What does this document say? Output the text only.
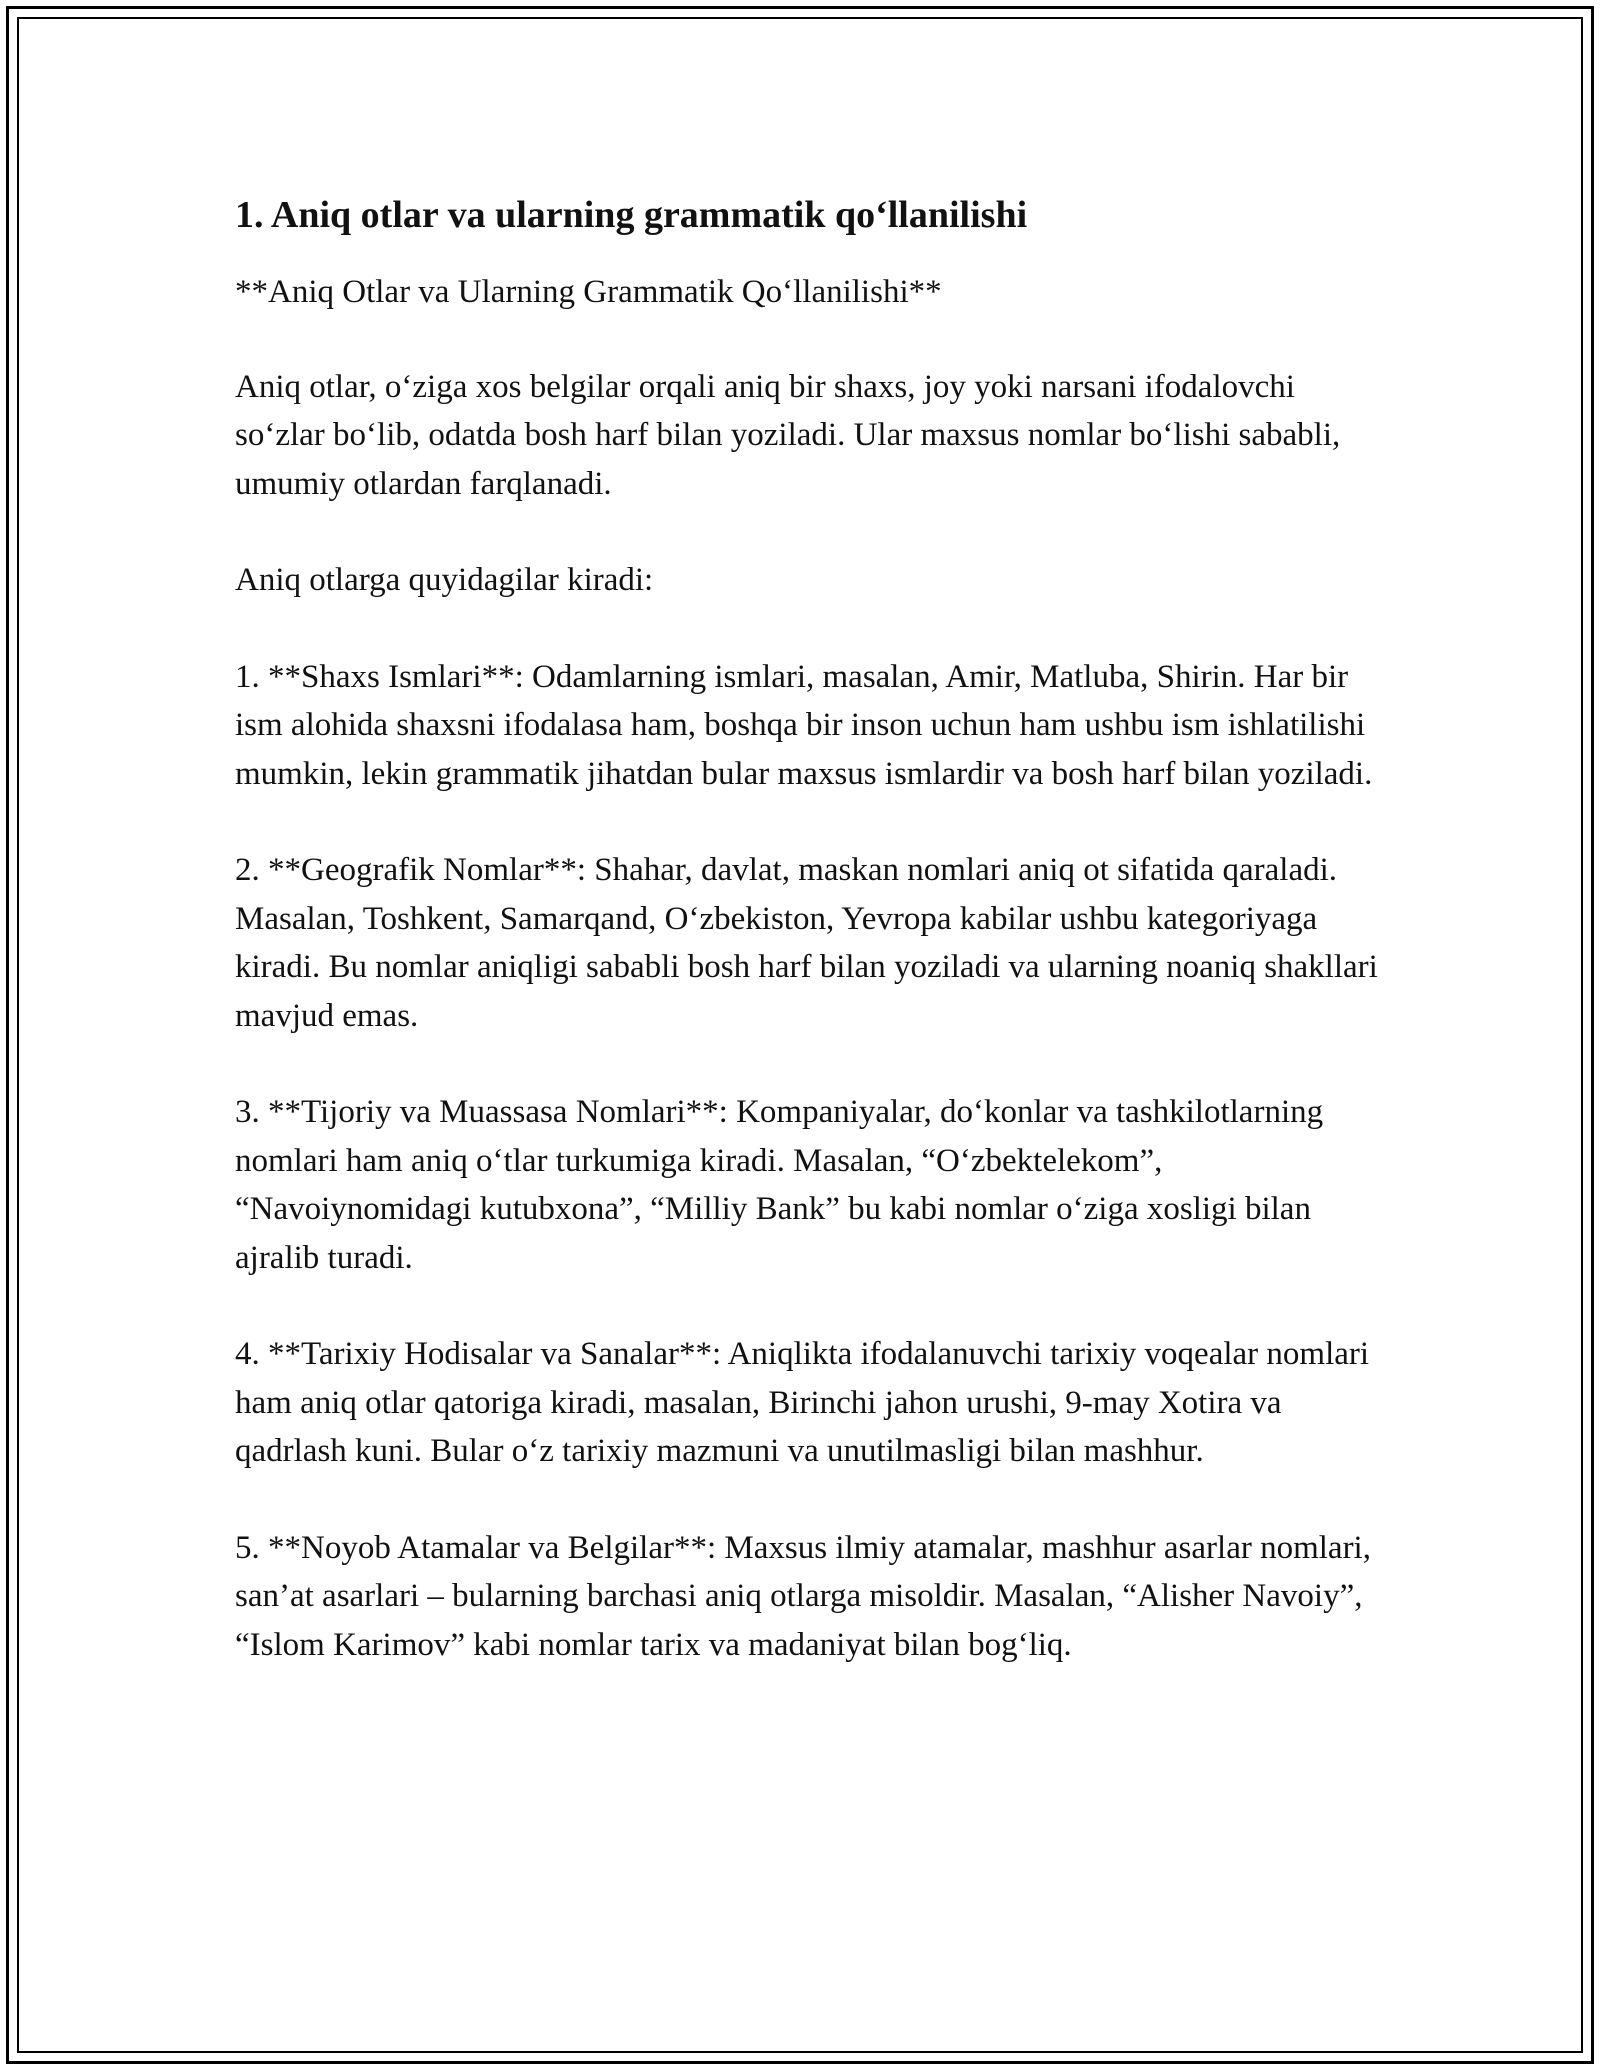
1. Aniq otlar va ularning grammatik qo‘llanilishi

**Aniq Otlar va Ularning Grammatik Qo‘llanilishi**

Aniq otlar, o‘ziga xos belgilar orqali aniq bir shaxs, joy yoki narsani ifodalovchi so‘zlar bo‘lib, odatda bosh harf bilan yoziladi. Ular maxsus nomlar bo‘lishi sababli, umumiy otlardan farqlanadi.

Aniq otlarga quyidagilar kiradi:

1. **Shaxs Ismlari**: Odamlarning ismlari, masalan, Amir, Matluba, Shirin. Har bir ism alohida shaxsni ifodalasa ham, boshqa bir inson uchun ham ushbu ism ishlatilishi mumkin, lekin grammatik jihatdan bular maxsus ismlardir va bosh harf bilan yoziladi.

2. **Geografik Nomlar**: Shahar, davlat, maskan nomlari aniq ot sifatida qaraladi. Masalan, Toshkent, Samarqand, O‘zbekiston, Yevropa kabilar ushbu kategoriyaga kiradi. Bu nomlar aniqligi sababli bosh harf bilan yoziladi va ularning noaniq shakllari mavjud emas.

3. **Tijoriy va Muassasa Nomlari**: Kompaniyalar, do‘konlar va tashkilotlarning nomlari ham aniq o‘tlar turkumiga kiradi. Masalan, “O‘zbektelekom”, “Navoiynomidagi kutubxona”, “Milliy Bank” bu kabi nomlar o‘ziga xosligi bilan ajralib turadi.

4. **Tarixiy Hodisalar va Sanalar**: Aniqlikta ifodalanuvchi tarixiy voqealar nomlari ham aniq otlar qatoriga kiradi, masalan, Birinchi jahon urushi, 9-may Xotira va qadrlash kuni. Bular o‘z tarixiy mazmuni va unutilmasligi bilan mashhur.

5. **Noyob Atamalar va Belgilar**: Maxsus ilmiy atamalar, mashhur asarlar nomlari, san’at asarlari – bularning barchasi aniq otlarga misoldir. Masalan, “Alisher Navoiy”, “Islom Karimov” kabi nomlar tarix va madaniyat bilan bog‘liq.
